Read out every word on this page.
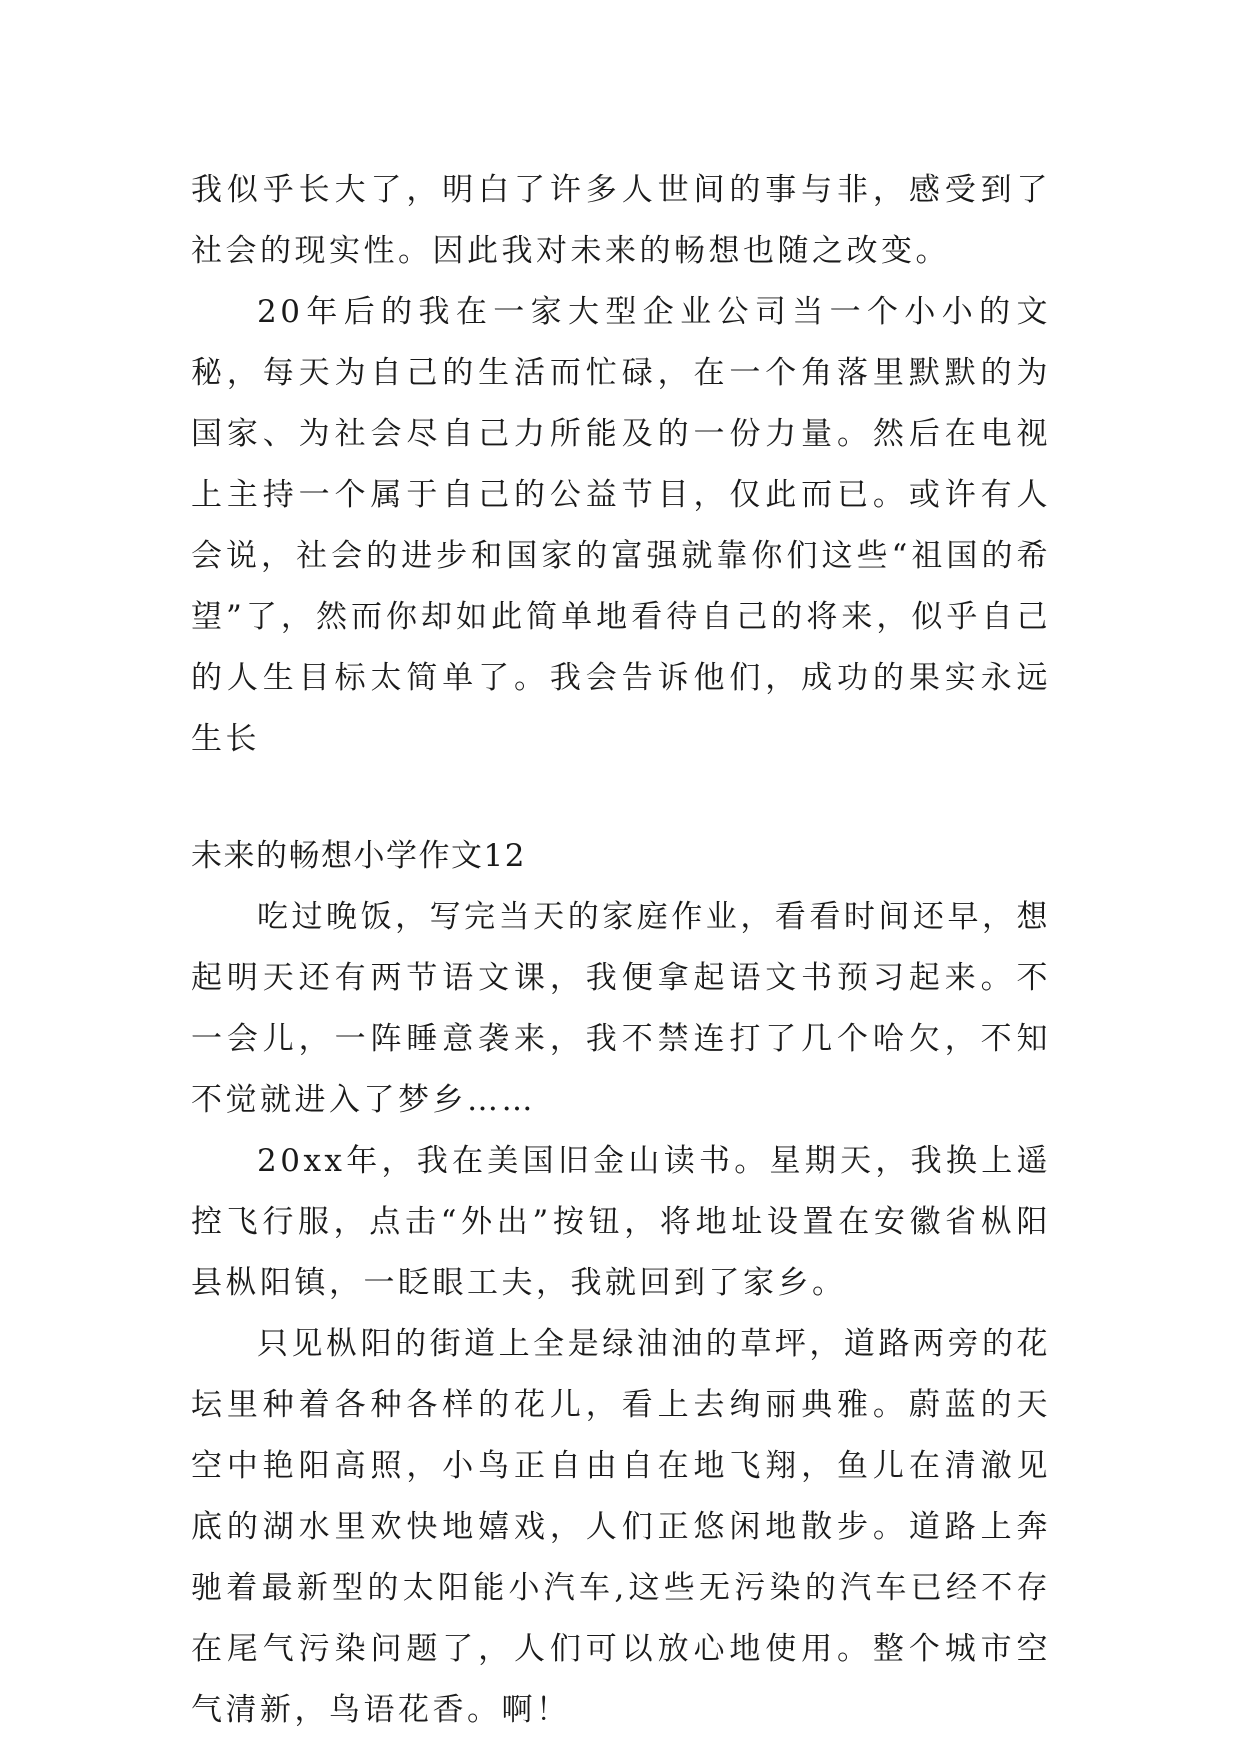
我似乎长大了，明白了许多人世间的事与非，感受到了社会的现实性。因此我对未来的畅想也随之改变。

20年后的我在一家大型企业公司当一个小小的文秘，每天为自己的生活而忙碌，在一个角落里默默的为国家、为社会尽自己力所能及的一份力量。然后在电视上主持一个属于自己的公益节目，仅此而已。或许有人会说，社会的进步和国家的富强就靠你们这些“祖国的希望”了，然而你却如此简单地看待自己的将来，似乎自己的人生目标太简单了。我会告诉他们，成功的果实永远生长

未来的畅想小学作文12

吃过晚饭，写完当天的家庭作业，看看时间还早，想起明天还有两节语文课，我便拿起语文书预习起来。不一会儿，一阵睡意袭来，我不禁连打了几个哈欠，不知不觉就进入了梦乡……

20xx年，我在美国旧金山读书。星期天，我换上遥控飞行服，点击“外出”按钮，将地址设置在安徽省枞阳县枞阳镇，一眨眼工夫，我就回到了家乡。

只见枞阳的街道上全是绿油油的草坪，道路两旁的花坛里种着各种各样的花儿，看上去绚丽典雅。蔚蓝的天空中艳阳高照，小鸟正自由自在地飞翔，鱼儿在清澈见底的湖水里欢快地嬉戏，人们正悠闲地散步。道路上奔驰着最新型的太阳能小汽车,这些无污染的汽车已经不存在尾气污染问题了，人们可以放心地使用。整个城市空气清新，鸟语花香。啊！
